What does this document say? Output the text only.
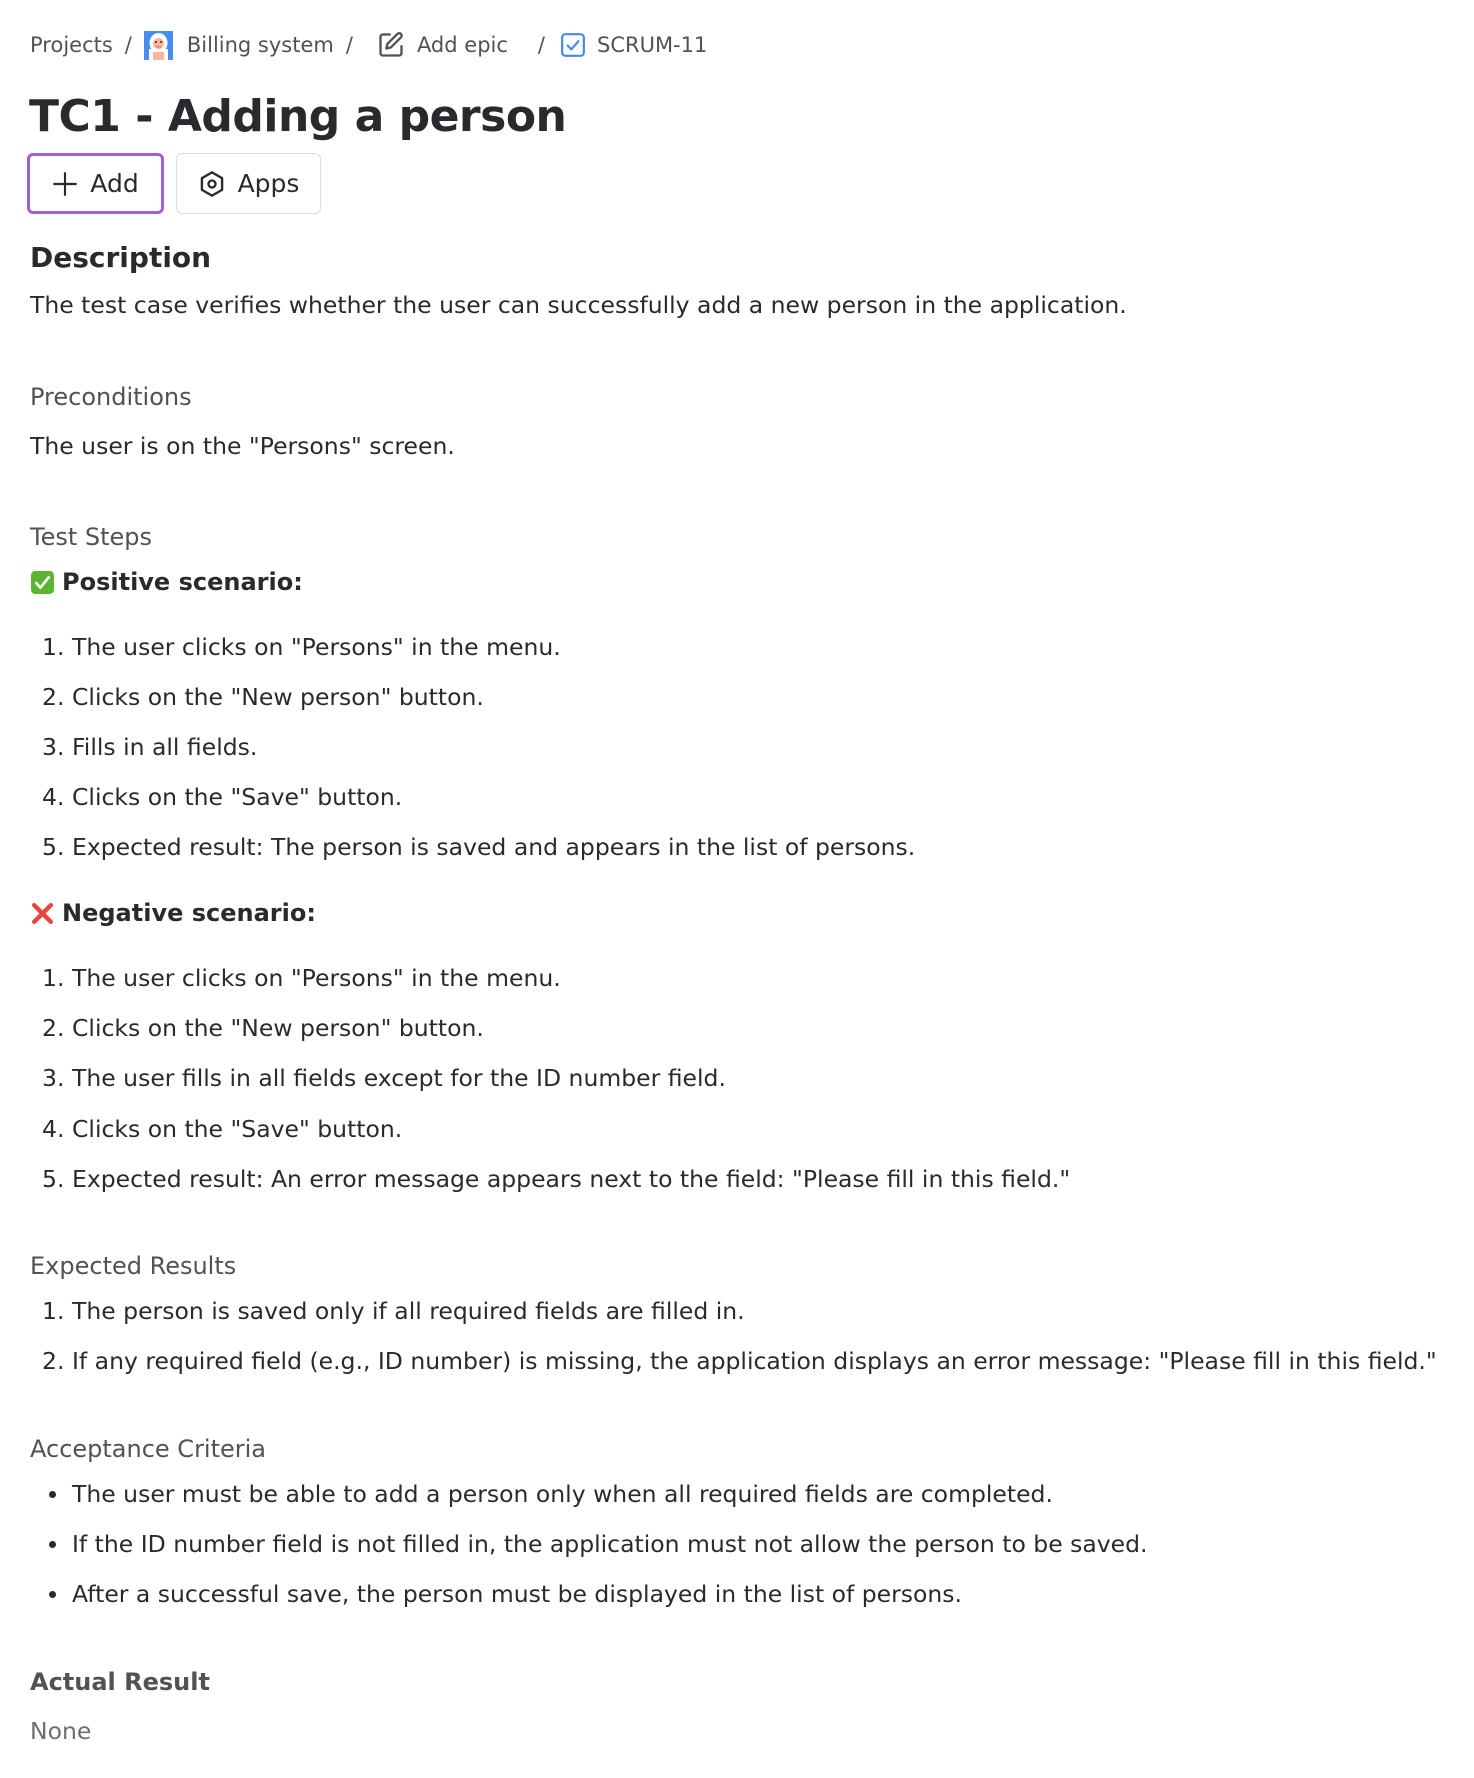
Projects /	Billing system /	Add epic / SCRUM-11
TC1 - Adding a person
Add	Apps
Description
The test case verifies whether the user can successfully add a new person in the application.
Preconditions
The user is on the "Persons" screen.
Test Steps
Positive scenario:
1. The user clicks on "Persons" in the menu.
2. Clicks on the "New person" button.
3. Fills in all fields.
4. Clicks on the "Save" button.
5. Expected result: The person is saved and appears in the list of persons.
Negative scenario:
1. The user clicks on "Persons" in the menu.
2. Clicks on the "New person" button.
3. The user fills in all fields except for the ID number field.
4. Clicks on the "Save" button.
5. Expected result: An error message appears next to the field: "Please fill in this field."
Expected Results
1. The person is saved only if all required fields are filled in.
2. If any required field (e.g., ID number) is missing, the application displays an error message: "Please fill in this field."
Acceptance Criteria
The user must be able to add a person only when all required fields are completed.
If the ID number field is not filled in, the application must not allow the person to be saved.
After a successful save, the person must be displayed in the list of persons.
Actual Result
None
